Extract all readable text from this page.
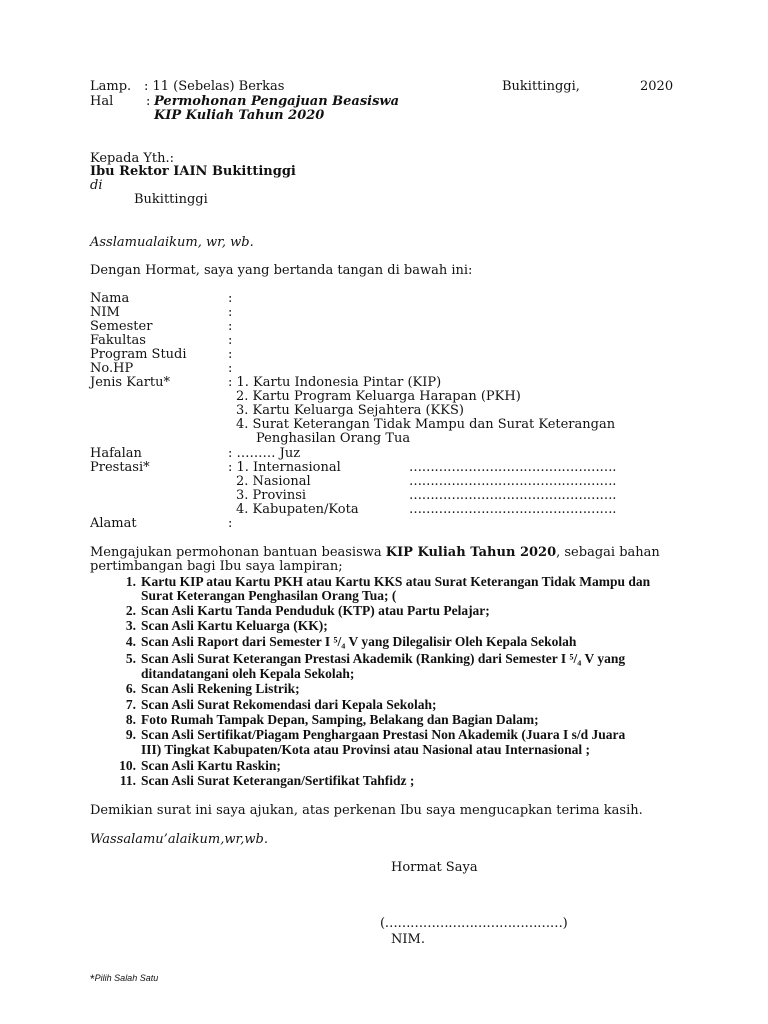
Lamp. : 11 (Sebelas) Berkas	Bukittinggi,	2020
Hal	: Permohonan Pengajuan Beasiswa
KIP Kuliah Tahun 2020
Kepada Yth.:
Ibu Rektor IAIN Bukittinggi
di
Bukittinggi
Asslamualaikum, wr, wb.
Dengan Hormat, saya yang bertanda tangan di bawah ini:
Nama	:
NIM	:
Semester	:
Fakultas	:
Program Studi	:
No.HP	:
Jenis Kartu*	: 1. Kartu Indonesia Pintar (KIP)
2. Kartu Program Keluarga Harapan (PKH)
3. Kartu Keluarga Sejahtera (KKS)
4. Surat Keterangan Tidak Mampu dan Surat Keterangan
Penghasilan Orang Tua
Hafalan	: ……… Juz
Prestasi*	: 1. Internasional	………………………………………….
2. Nasional	………………………………………….
3. Provinsi	………………………………………….
4. Kabupaten/Kota	………………………………………….
Alamat	:
Mengajukan permohonan bantuan beasiswa KIP Kuliah Tahun 2020, sebagai bahan
pertimbangan bagi Ibu saya lampiran;
1. Kartu KIP atau Kartu PKH atau Kartu KKS atau Surat Keterangan Tidak Mampu dan
Surat Keterangan Penghasilan Orang Tua; (
2. Scan Asli Kartu Tanda Penduduk (KTP) atau Partu Pelajar;
3. Scan Asli Kartu Keluarga (KK);
4. Scan Asli Raport dari Semester I ⁵/₄ V yang Dilegalisir Oleh Kepala Sekolah
5. Scan Asli Surat Keterangan Prestasi Akademik (Ranking) dari Semester I ⁵/₄ V yang
ditandatangani oleh Kepala Sekolah;
6. Scan Asli Rekening Listrik;
7. Scan Asli Surat Rekomendasi dari Kepala Sekolah;
8. Foto Rumah Tampak Depan, Samping, Belakang dan Bagian Dalam;
9. Scan Asli Sertifikat/Piagam Penghargaan Prestasi Non Akademik (Juara I s/d Juara
III) Tingkat Kabupaten/Kota atau Provinsi atau Nasional atau Internasional ;
10. Scan Asli Kartu Raskin;
11. Scan Asli Surat Keterangan/Sertifikat Tahfidz ;
Demikian surat ini saya ajukan, atas perkenan Ibu saya mengucapkan terima kasih.
Wassalamu’alaikum,wr,wb.
Hormat Saya
(……………………………………)
NIM.
*Pilih Salah Satu
